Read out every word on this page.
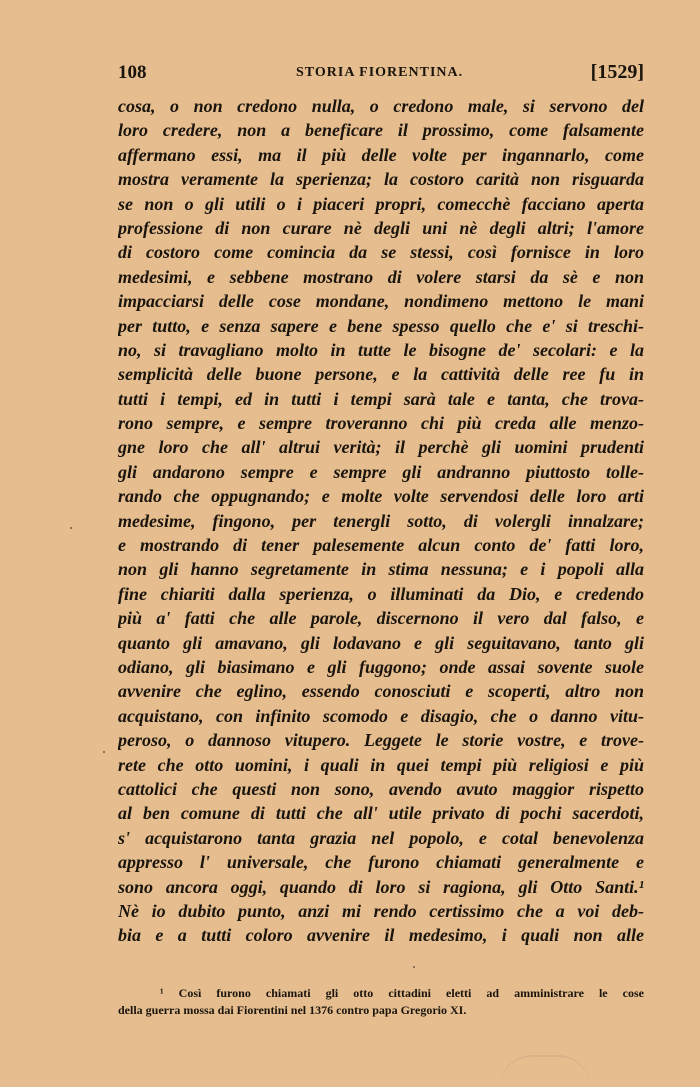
108	STORIA FIORENTINA.	[1529]
cosa, o non credono nulla, o credono male, si servono del
loro credere, non a beneficare il prossimo, come falsamente
affermano essi, ma il più delle volte per ingannarlo, come
mostra veramente la sperienza; la costoro carità non risguarda
se non o gli utili o i piaceri propri, comecchè facciano aperta
professione di non curare nè degli uni nè degli altri; l'amore
di costoro come comincia da se stessi, così fornisce in loro
medesimi, e sebbene mostrano di volere starsi da sè e non
impacciarsi delle cose mondane, nondimeno mettono le mani
per tutto, e senza sapere e bene spesso quello che e' si treschi-
no, si travagliano molto in tutte le bisogne de' secolari: e la
semplicità delle buone persone, e la cattività delle ree fu in
tutti i tempi, ed in tutti i tempi sarà tale e tanta, che trova-
rono sempre, e sempre troveranno chi più creda alle menzo-
gne loro che all' altrui verità; il perchè gli uomini prudenti
gli andarono sempre e sempre gli andranno piuttosto tolle-
rando che oppugnando; e molte volte servendosi delle loro arti
medesime, fingono, per tenergli sotto, di volergli innalzare;
e mostrando di tener palesemente alcun conto de' fatti loro,
non gli hanno segretamente in stima nessuna; e i popoli alla
fine chiariti dalla sperienza, o illuminati da Dio, e credendo
più a' fatti che alle parole, discernono il vero dal falso, e
quanto gli amavano, gli lodavano e gli seguitavano, tanto gli
odiano, gli biasimano e gli fuggono; onde assai sovente suole
avvenire che eglino, essendo conosciuti e scoperti, altro non
acquistano, con infinito scomodo e disagio, che o danno vitu-
peroso, o dannoso vitupero. Leggete le storie vostre, e trove-
rete che otto uomini, i quali in quei tempi più religiosi e più
cattolici che questi non sono, avendo avuto maggior rispetto
al ben comune di tutti che all' utile privato di pochi sacerdoti,
s' acquistarono tanta grazia nel popolo, e cotal benevolenza
appresso l' universale, che furono chiamati generalmente e
sono ancora oggi, quando di loro si ragiona, gli Otto Santi.¹
Nè io dubito punto, anzi mi rendo certissimo che a voi deb-
bia e a tutti coloro avvenire il medesimo, i quali non alle
¹ Così furono chiamati gli otto cittadini eletti ad amministrare le cose
della guerra mossa dai Fiorentini nel 1376 contro papa Gregorio XI.
